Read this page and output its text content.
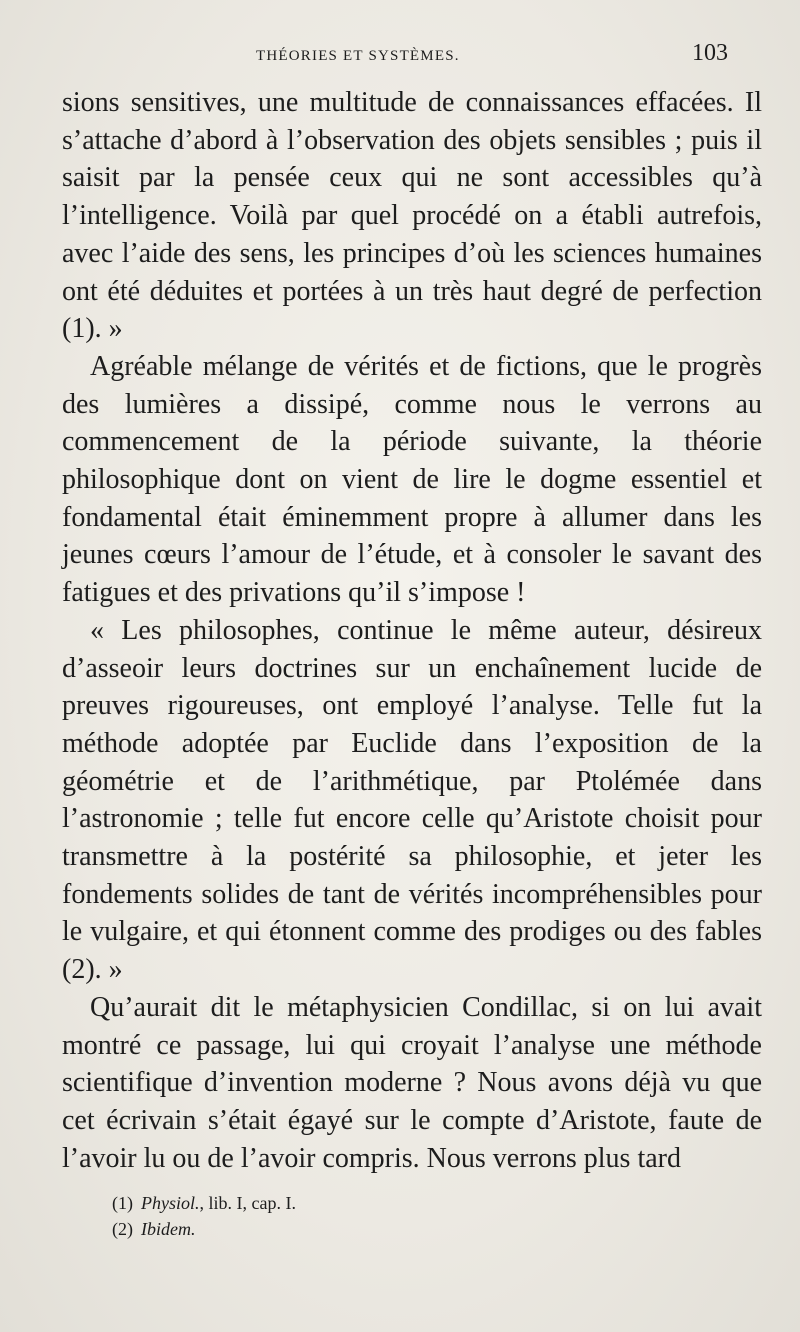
THÉORIES ET SYSTÈMES.	103

sions sensitives, une multitude de connaissances effacées. Il s’attache d’abord à l’observation des objets sensibles ; puis il saisit par la pensée ceux qui ne sont accessibles qu’à l’intelligence. Voilà par quel procédé on a établi autrefois, avec l’aide des sens, les principes d’où les sciences humaines ont été déduites et portées à un très haut degré de perfection (1). »

Agréable mélange de vérités et de fictions, que le progrès des lumières a dissipé, comme nous le verrons au commencement de la période suivante, la théorie philosophique dont on vient de lire le dogme essentiel et fondamental était éminemment propre à allumer dans les jeunes cœurs l’amour de l’étude, et à consoler le savant des fatigues et des privations qu’il s’impose !

« Les philosophes, continue le même auteur, désireux d’asseoir leurs doctrines sur un enchaînement lucide de preuves rigoureuses, ont employé l’analyse. Telle fut la méthode adoptée par Euclide dans l’exposition de la géométrie et de l’arithmétique, par Ptolémée dans l’astronomie ; telle fut encore celle qu’Aristote choisit pour transmettre à la postérité sa philosophie, et jeter les fondements solides de tant de vérités incompréhensibles pour le vulgaire, et qui étonnent comme des prodiges ou des fables (2). »

Qu’aurait dit le métaphysicien Condillac, si on lui avait montré ce passage, lui qui croyait l’analyse une méthode scientifique d’invention moderne ? Nous avons déjà vu que cet écrivain s’était égayé sur le compte d’Aristote, faute de l’avoir lu ou de l’avoir compris. Nous verrons plus tard

(1) Physiol., lib. I, cap. I.
(2) Ibidem.
